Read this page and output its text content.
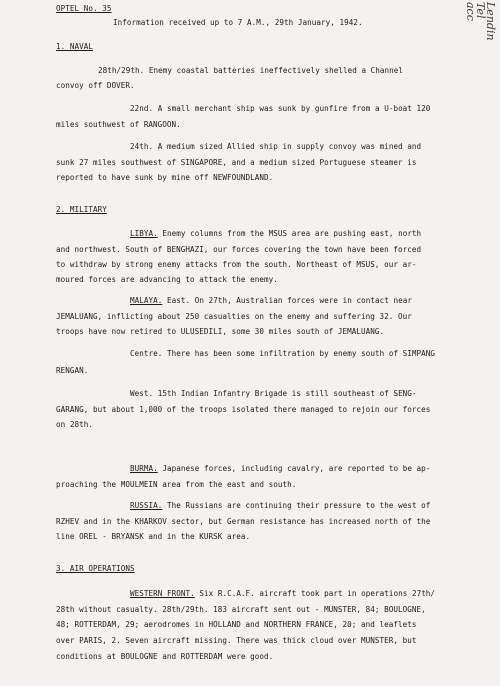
OPTEL No. 35
Information received up to 7 A.M., 29th January, 1942.
1. NAVAL
28th/29th. Enemy coastal batteries ineffectively shelled a Channel
convoy off DOVER.
22nd. A small merchant ship was sunk by gunfire from a U-boat 120
miles southwest of RANGOON.
24th. A medium sized Allied ship in supply convoy was mined and
sunk 27 miles southwest of SINGAPORE, and a medium sized Portuguese steamer is
reported to have sunk by mine off NEWFOUNDLAND.
2. MILITARY
LIBYA. Enemy columns from the MSUS area are pushing east, north
and northwest. South of BENGHAZI, our forces covering the town have been forced
to withdraw by strong enemy attacks from the south. Northeast of MSUS, our ar-
moured forces are advancing to attack the enemy.
MALAYA. East. On 27th, Australian forces were in contact near
JEMALUANG, inflicting about 250 casualties on the enemy and suffering 32. Our
troops have now retired to ULUSEDILI, some 30 miles south of JEMALUANG.
Centre. There has been some infiltration by enemy south of SIMPANG
RENGAN.
West. 15th Indian Infantry Brigade is still southeast of SENG-
GARANG, but about 1,000 of the troops isolated there managed to rejoin our forces
on 28th.
BURMA. Japanese forces, including cavalry, are reported to be ap-
proaching the MOULMEIN area from the east and south.
RUSSIA. The Russians are continuing their pressure to the west of
RZHEV and in the KHARKOV sector, but German resistance has increased north of the
line OREL - BRYANSK and in the KURSK area.
3. AIR OPERATIONS
WESTERN FRONT. Six R.C.A.F. aircraft took part in operations 27th/
28th without casualty. 28th/29th. 183 aircraft sent out - MUNSTER, 84; BOULOGNE,
48; ROTTERDAM, 29; aerodromes in HOLLAND and NORTHERN FRANCE, 20; and leaflets
over PARIS, 2. Seven aircraft missing. There was thick cloud over MUNSTER, but
conditions at BOULOGNE and ROTTERDAM were good.
acc
Tel
Lendin
